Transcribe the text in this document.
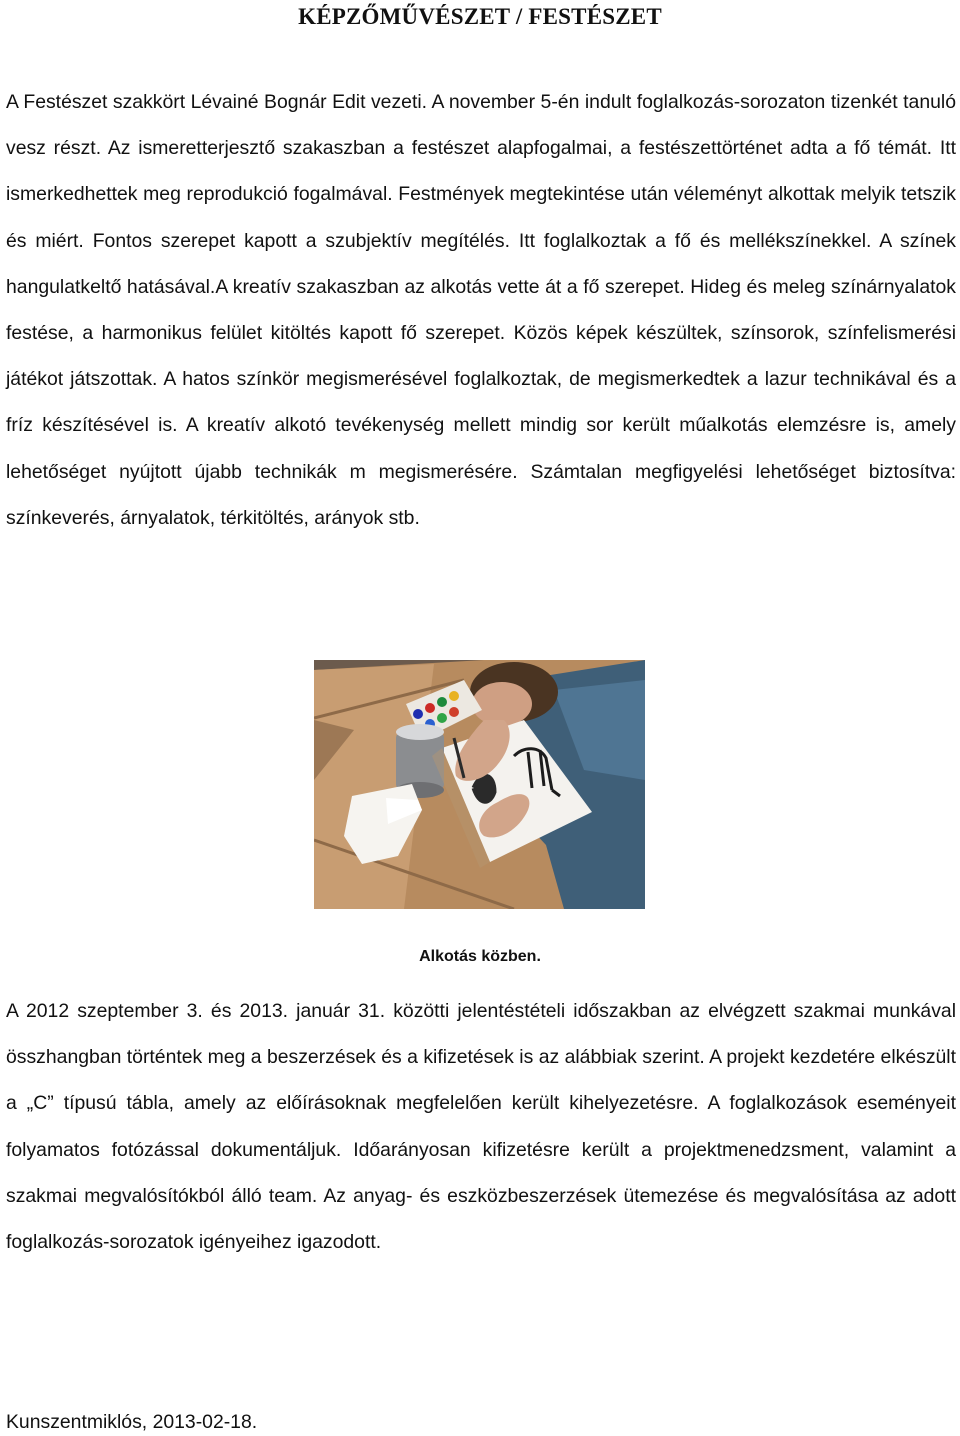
KÉPZŐMŰVÉSZET / FESTÉSZET

A Festészet szakkört Lévainé Bognár Edit vezeti. A november 5-én indult foglalkozás-sorozaton tizenkét tanuló vesz részt. Az ismeretterjesztő szakaszban a festészet alapfogalmai, a festészettörténet adta a fő témát. Itt ismerkedhettek meg reprodukció fogalmával. Festmények megtekintése után véleményt alkottak melyik tetszik és miért. Fontos szerepet kapott a szubjektív megítélés. Itt foglalkoztak a fő és mellékszínekkel. A színek hangulatkeltő hatásával.A kreatív szakaszban az alkotás vette át a fő szerepet. Hideg és meleg színárnyalatok festése, a harmonikus felület kitöltés kapott fő szerepet. Közös képek készültek, színsorok, színfelismerési játékot játszottak. A hatos színkör megismerésével foglalkoztak, de megismerkedtek a lazur technikával és a fríz készítésével is. A kreatív alkotó tevékenység mellett mindig sor került műalkotás elemzésre is, amely lehetőséget nyújtott újabb technikák m megismerésére. Számtalan megfigyelési lehetőséget biztosítva: színkeverés, árnyalatok, térkitöltés, arányok stb.

Alkotás közben.

A 2012 szeptember 3. és 2013. január 31. közötti jelentéstételi időszakban az elvégzett szakmai munkával összhangban történtek meg a beszerzések és a kifizetések is az alábbiak szerint. A projekt kezdetére elkészült a „C” típusú tábla, amely az előírásoknak megfelelően került kihelyezetésre. A foglalkozások eseményeit folyamatos fotózással dokumentáljuk. Időarányosan kifizetésre került a projektmenedzsment, valamint a szakmai megvalósítókból álló team. Az anyag- és eszközbeszerzések ütemezése és megvalósítása az adott foglalkozás-sorozatok igényeihez igazodott.

Kunszentmiklós, 2013-02-18.
